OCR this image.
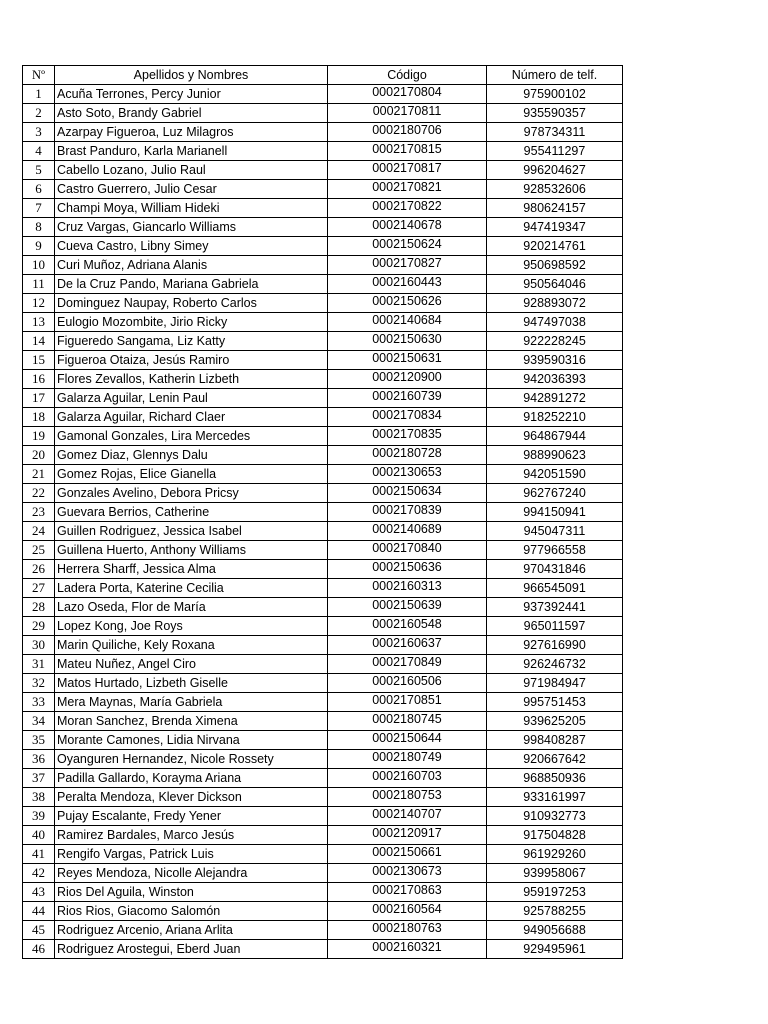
Nº	Apellidos y Nombres	Código	Número de telf.
1	Acuña Terrones, Percy Junior	0002170804	975900102
2	Asto Soto, Brandy Gabriel	0002170811	935590357
3	Azarpay Figueroa, Luz Milagros	0002180706	978734311
4	Brast Panduro, Karla Marianell	0002170815	955411297
5	Cabello Lozano, Julio Raul	0002170817	996204627
6	Castro Guerrero, Julio Cesar	0002170821	928532606
7	Champi Moya, William Hideki	0002170822	980624157
8	Cruz Vargas, Giancarlo Williams	0002140678	947419347
9	Cueva Castro, Libny Simey	0002150624	920214761
10	Curi Muñoz, Adriana Alanis	0002170827	950698592
11	De la Cruz Pando, Mariana Gabriela	0002160443	950564046
12	Dominguez Naupay, Roberto Carlos	0002150626	928893072
13	Eulogio Mozombite, Jirio Ricky	0002140684	947497038
14	Figueredo Sangama, Liz Katty	0002150630	922228245
15	Figueroa Otaiza, Jesús Ramiro	0002150631	939590316
16	Flores Zevallos, Katherin Lizbeth	0002120900	942036393
17	Galarza Aguilar, Lenin Paul	0002160739	942891272
18	Galarza Aguilar, Richard Claer	0002170834	918252210
19	Gamonal Gonzales, Lira Mercedes	0002170835	964867944
20	Gomez Diaz, Glennys Dalu	0002180728	988990623
21	Gomez Rojas, Elice Gianella	0002130653	942051590
22	Gonzales Avelino, Debora Pricsy	0002150634	962767240
23	Guevara Berrios, Catherine	0002170839	994150941
24	Guillen Rodriguez, Jessica Isabel	0002140689	945047311
25	Guillena Huerto, Anthony Williams	0002170840	977966558
26	Herrera Sharff, Jessica Alma	0002150636	970431846
27	Ladera Porta, Katerine Cecilia	0002160313	966545091
28	Lazo Oseda, Flor de María	0002150639	937392441
29	Lopez Kong, Joe Roys	0002160548	965011597
30	Marin Quiliche, Kely Roxana	0002160637	927616990
31	Mateu Nuñez, Angel Ciro	0002170849	926246732
32	Matos Hurtado, Lizbeth Giselle	0002160506	971984947
33	Mera Maynas, María Gabriela	0002170851	995751453
34	Moran Sanchez, Brenda Ximena	0002180745	939625205
35	Morante Camones, Lidia Nirvana	0002150644	998408287
36	Oyanguren Hernandez, Nicole Rossety	0002180749	920667642
37	Padilla Gallardo, Korayma Ariana	0002160703	968850936
38	Peralta Mendoza, Klever Dickson	0002180753	933161997
39	Pujay Escalante, Fredy Yener	0002140707	910932773
40	Ramirez Bardales, Marco Jesús	0002120917	917504828
41	Rengifo Vargas, Patrick Luis	0002150661	961929260
42	Reyes Mendoza, Nicolle Alejandra	0002130673	939958067
43	Rios Del Aguila, Winston	0002170863	959197253
44	Rios Rios, Giacomo Salomón	0002160564	925788255
45	Rodriguez Arcenio, Ariana Arlita	0002180763	949056688
46	Rodriguez Arostegui, Eberd Juan	0002160321	929495961
